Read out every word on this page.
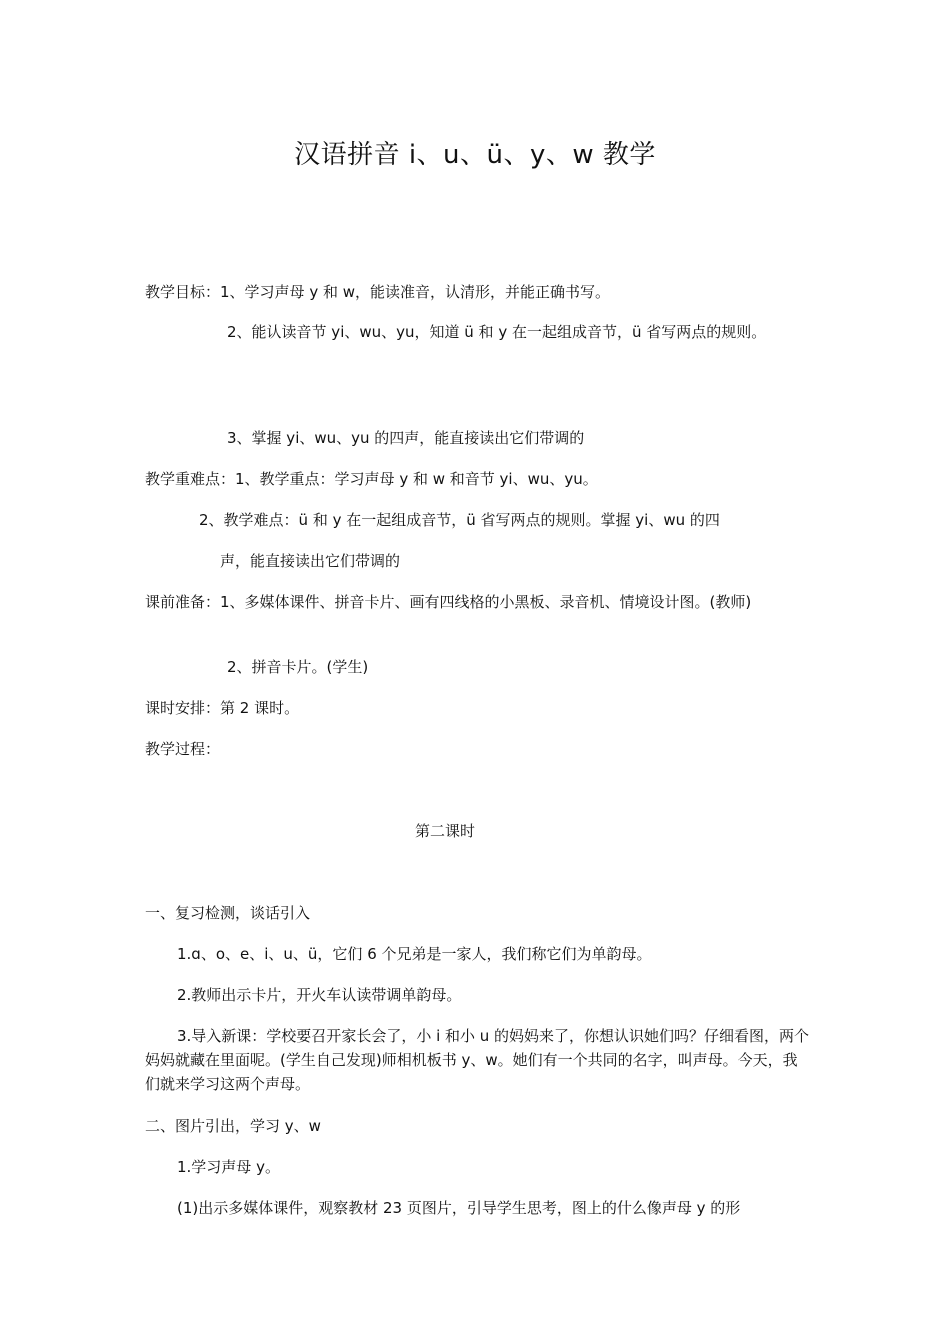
汉语拼音 i、u、ü、y、w 教学
教学目标：1、学习声母 y 和 w，能读准音，认清形，并能正确书写。
2、能认读音节 yi、wu、yu，知道 ü 和 y 在一起组成音节，ü 省写两点的规则。
3、掌握 yi、wu、yu 的四声，能直接读出它们带调的
教学重难点：1、教学重点：学习声母 y 和 w 和音节 yi、wu、yu。
2、教学难点：ü 和 y 在一起组成音节，ü 省写两点的规则。掌握 yi、wu 的四
声，能直接读出它们带调的
课前准备：1、多媒体课件、拼音卡片、画有四线格的小黑板、录音机、情境设计图。(教师)
2、拼音卡片。(学生)
课时安排：第 2 课时。
教学过程：
第二课时
一、复习检测，谈话引入
1.ɑ、o、e、i、u、ü，它们 6 个兄弟是一家人，我们称它们为单韵母。
2.教师出示卡片，开火车认读带调单韵母。
3.导入新课：学校要召开家长会了，小 i 和小 u 的妈妈来了，你想认识她们吗？仔细看图，两个妈妈就藏在里面呢。(学生自己发现)师相机板书 y、w。她们有一个共同的名字，叫声母。今天，我们就来学习这两个声母。
二、图片引出，学习 y、w
1.学习声母 y。
(1)出示多媒体课件，观察教材 23 页图片，引导学生思考，图上的什么像声母 y 的形
